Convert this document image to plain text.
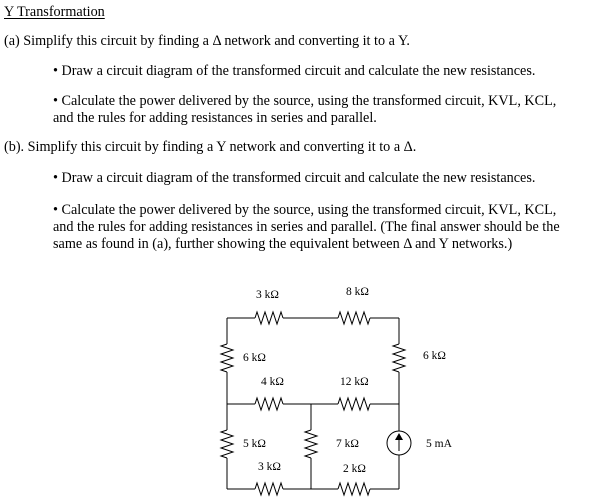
Y Transformation
(a) Simplify this circuit by finding a Δ network and converting it to a Y.
• Draw a circuit diagram of the transformed circuit and calculate the new resistances.
• Calculate the power delivered by the source, using the transformed circuit, KVL, KCL,
and the rules for adding resistances in series and parallel.
(b). Simplify this circuit by finding a Y network and converting it to a Δ.
• Draw a circuit diagram of the transformed circuit and calculate the new resistances.
• Calculate the power delivered by the source, using the transformed circuit, KVL, KCL,
and the rules for adding resistances in series and parallel. (The final answer should be the
same as found in (a), further showing the equivalent between Δ and Y networks.)
3 kΩ	8 kΩ
6 kΩ	6 kΩ
4 kΩ	12 kΩ
5 kΩ	7 kΩ	5 mA
3 kΩ	2 kΩ
